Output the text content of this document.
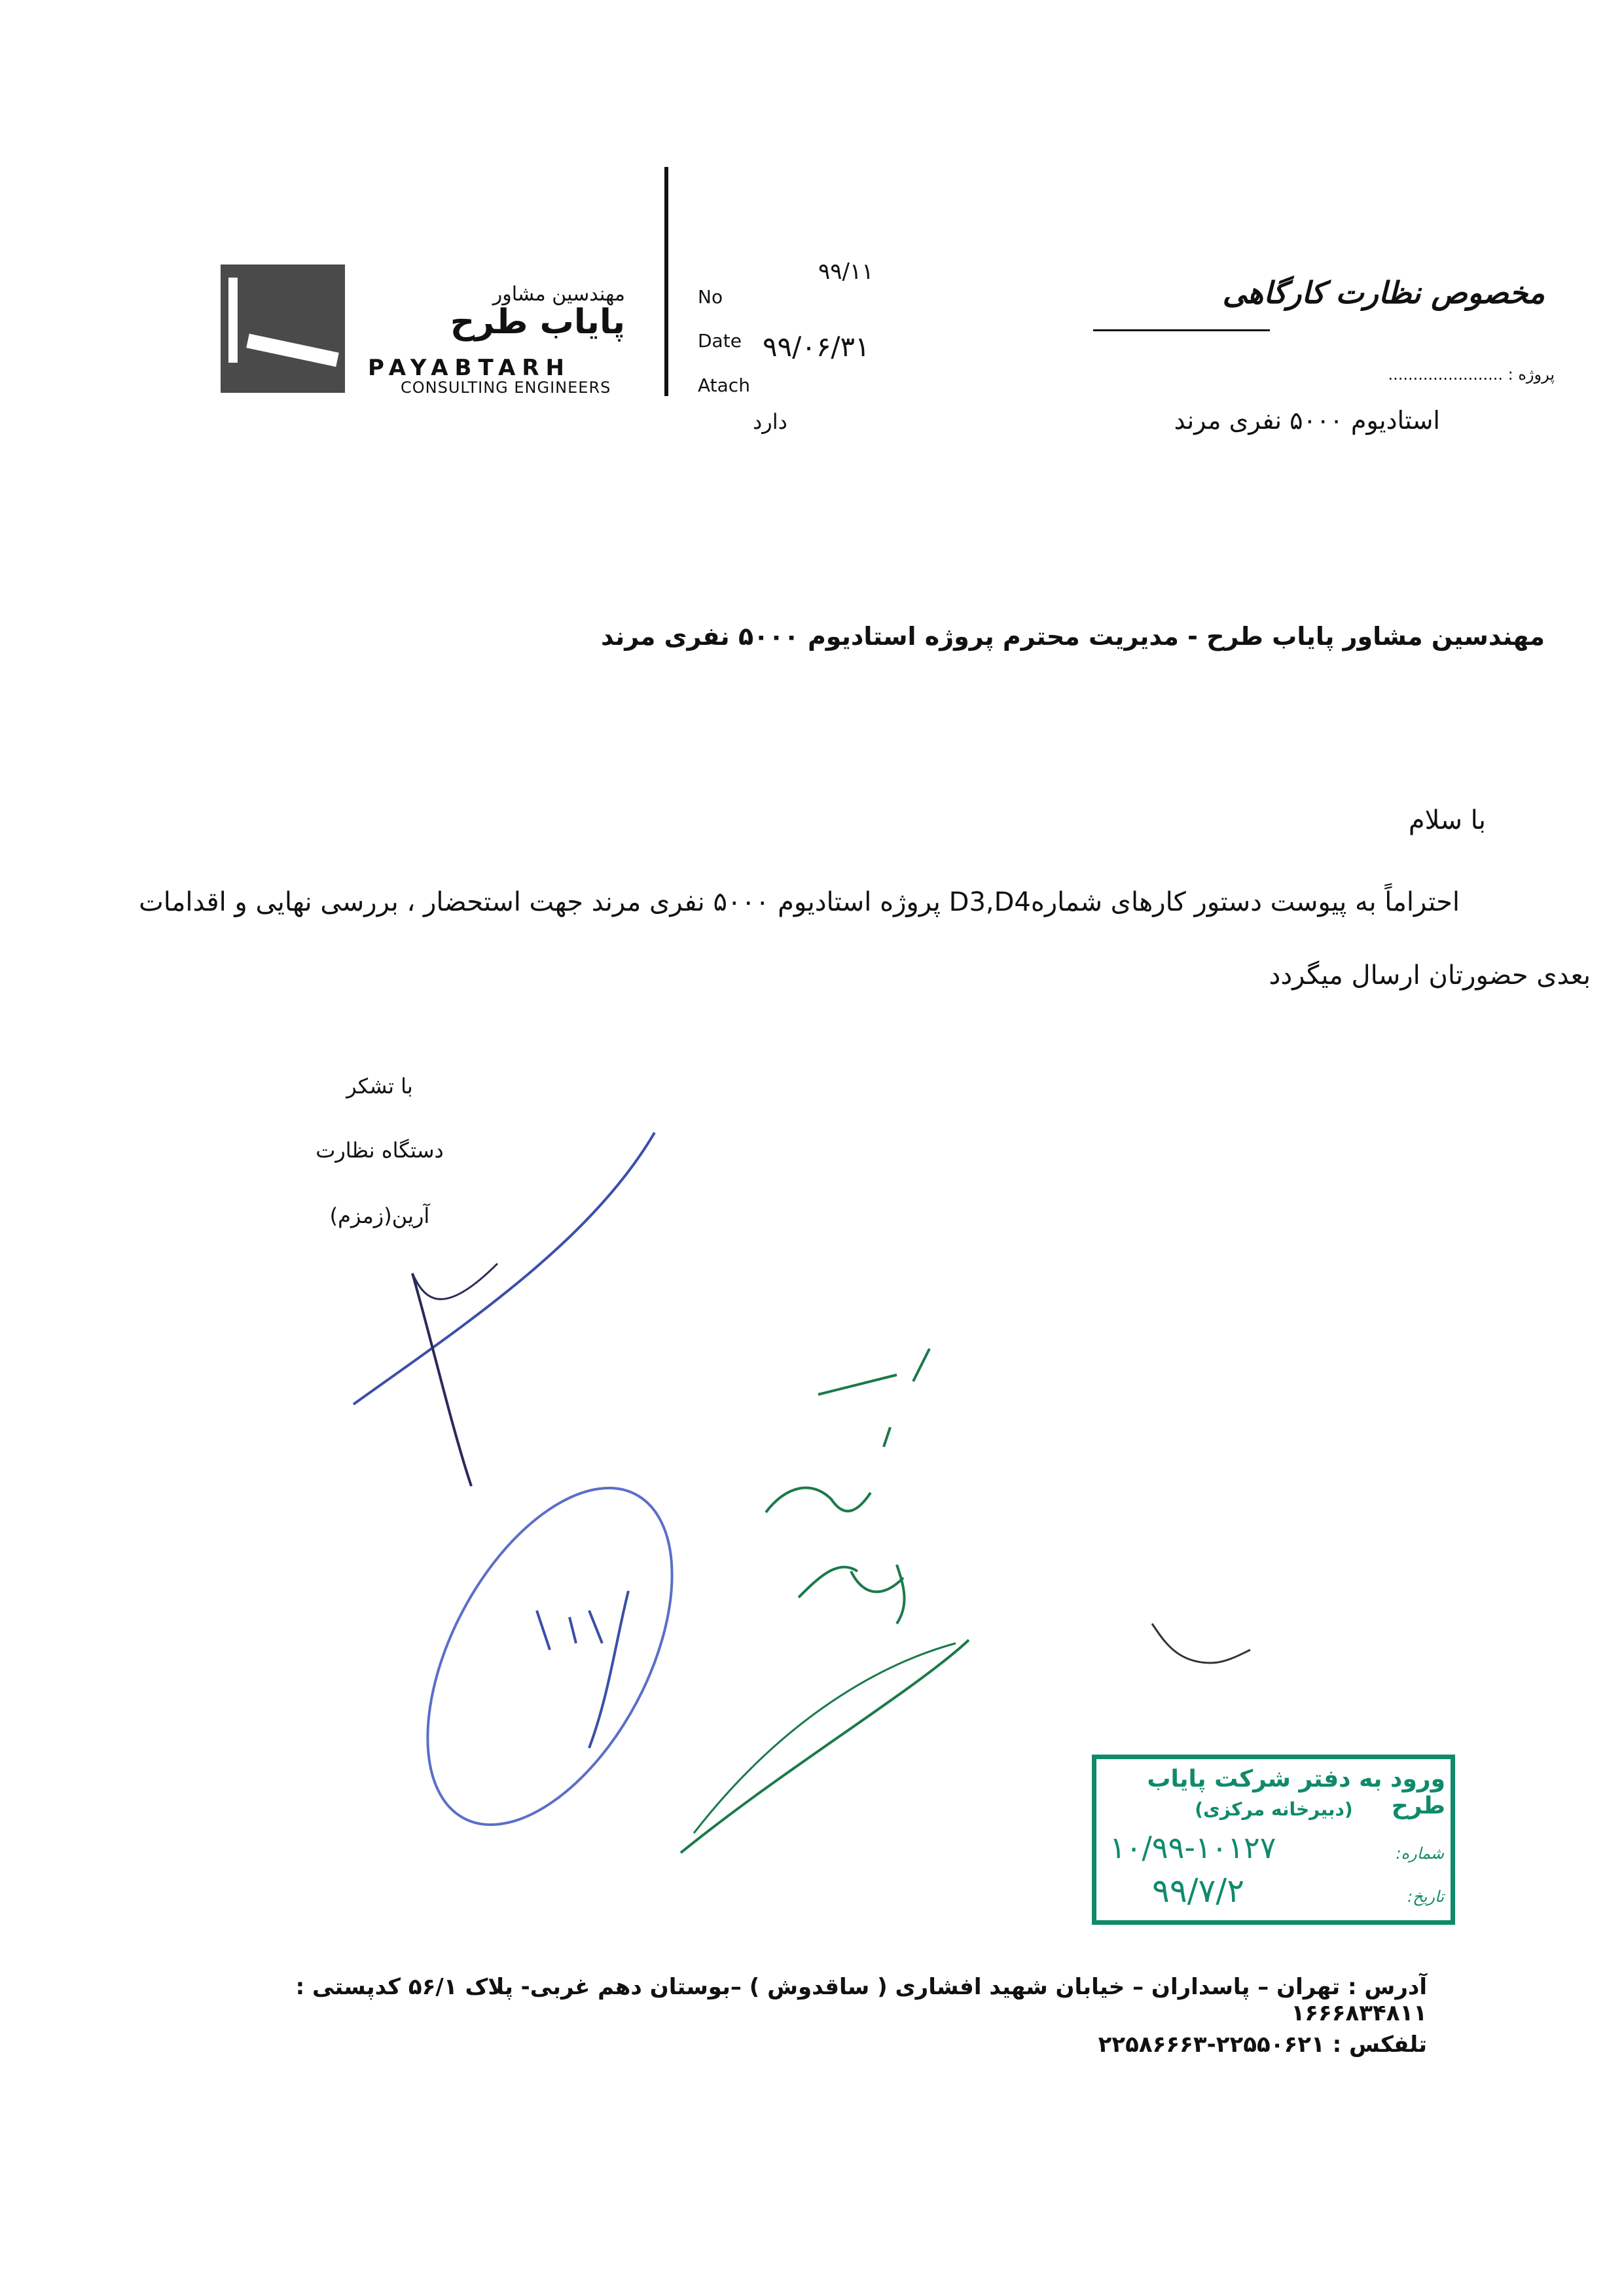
مهندسین مشاور
پایاب طرح
PAYABTARH
CONSULTING ENGINEERS
No
Date
Atach
۹۹/۱۱
۹۹/۰۶/۳۱
دارد
مخصوص نظارت کارگاهی
پروژه : .......................
استادیوم ۵۰۰۰ نفری مرند
مهندسین مشاور پایاب طرح - مدیریت محترم پروژه استادیوم ۵۰۰۰ نفری مرند
با سلام
احتراماً به پیوست دستور کارهای شمارهD3,D4 پروژه استادیوم ۵۰۰۰ نفری مرند جهت استحضار ، بررسی نهایی و اقدامات
بعدی حضورتان ارسال میگردد
با تشکر
دستگاه نظارت
آرین(زمزم)
ورود به دفتر شرکت پایاب طرح
(دبیرخانه مرکزی)
شماره:
۱۰/۹۹-۱۰۱۲۷
تاریخ:
۹۹/۷/۲
آدرس : تهران – پاسداران – خیابان شهید افشاری ( ساقدوش ) –بوستان دهم غربی- پلاک ۵۶/۱ کدپستی : ۱۶۶۶۸۳۴۸۱۱
تلفکس : ۲۲۵۵۰۶۲۱-۲۲۵۸۶۶۶۳
